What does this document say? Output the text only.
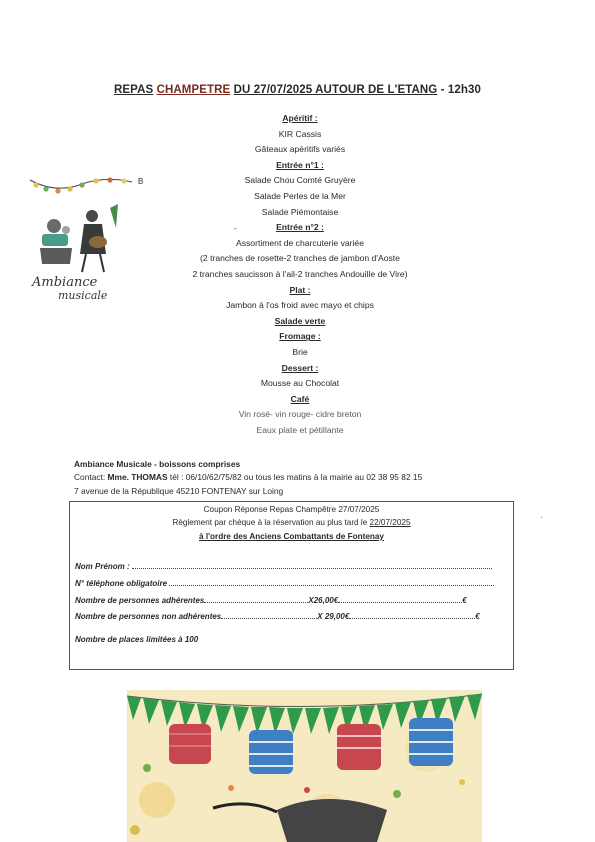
REPAS CHAMPETRE DU 27/07/2025 AUTOUR DE L'ETANG - 12h30
Ambiance
musicale
B
-
`
Apéritif :
KIR Cassis
Gâteaux apéritifs variés
Entrée n°1 :
Salade Chou Comté Gruyère
Salade Perles de la Mer
Salade Piémontaise
Entrée n°2 :
Assortiment de charcuterie variée
(2 tranches de rosette-2 tranches de jambon d'Aoste
2 tranches saucisson à l'ail-2 tranches Andouille de Vire)
Plat :
Jambon à l'os froid avec mayo et chips
Salade verte
Fromage :
Brie
Dessert :
Mousse au Chocolat
Café
Vin rosé- vin rouge- cidre breton
Eaux plate et pétillante
Ambiance Musicale - boissons comprises
Contact: Mme. THOMAS tél : 06/10/62/75/82 ou tous les matins à la mairie au 02 38 95 82 15
7 avenue de la République 45210 FONTENAY sur Loing
Coupon Réponse Repas Champêtre 27/07/2025
Règlement par chèque à la réservation au plus tard le 22/07/2025
à l'ordre des Anciens Combattants de Fontenay
Nom Prénom :
N° téléphone obligatoire
Nombre de personnes adhérentes	X26,00€	€
Nombre de personnes non adhérentes	X 29,00€	€
Nombre de places limitées à 100
